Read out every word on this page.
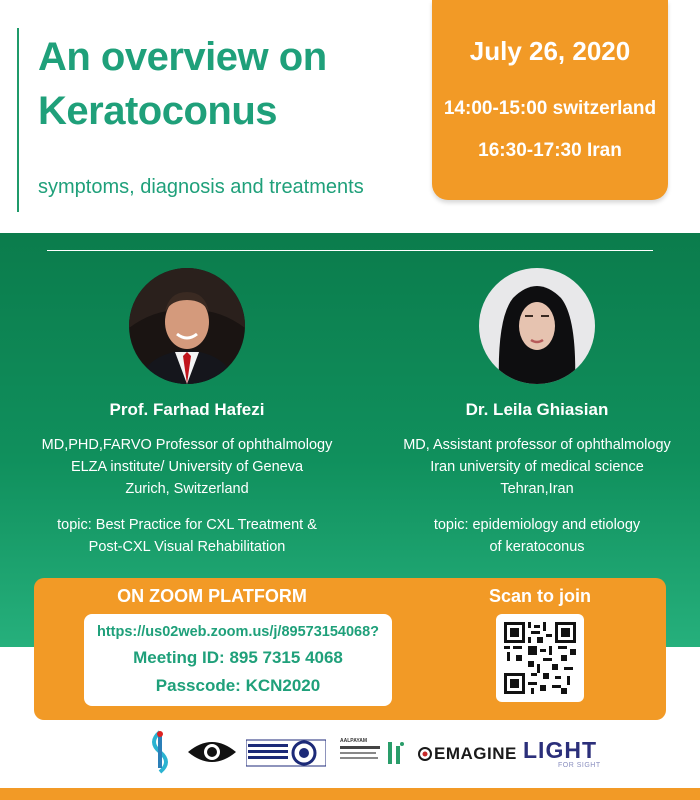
An overview on Keratoconus
symptoms, diagnosis and treatments
July 26, 2020
14:00-15:00 switzerland
16:30-17:30 Iran
Prof. Farhad Hafezi
MD,PHD,FARVO Professor of ophthalmology
ELZA institute/ University of Geneva
Zurich, Switzerland
topic: Best Practice for CXL Treatment &
Post-CXL Visual Rehabilitation
Dr. Leila Ghiasian
MD, Assistant professor of ophthalmology
Iran university of medical science
Tehran,Iran
topic: epidemiology and etiology
of keratoconus
ON ZOOM PLATFORM
https://us02web.zoom.us/j/89573154068?
Meeting ID: 895 7315 4068
Passcode: KCN2020
Scan to join
AALPAYAM
EMAGINE LIGHT
FOR SIGHT
